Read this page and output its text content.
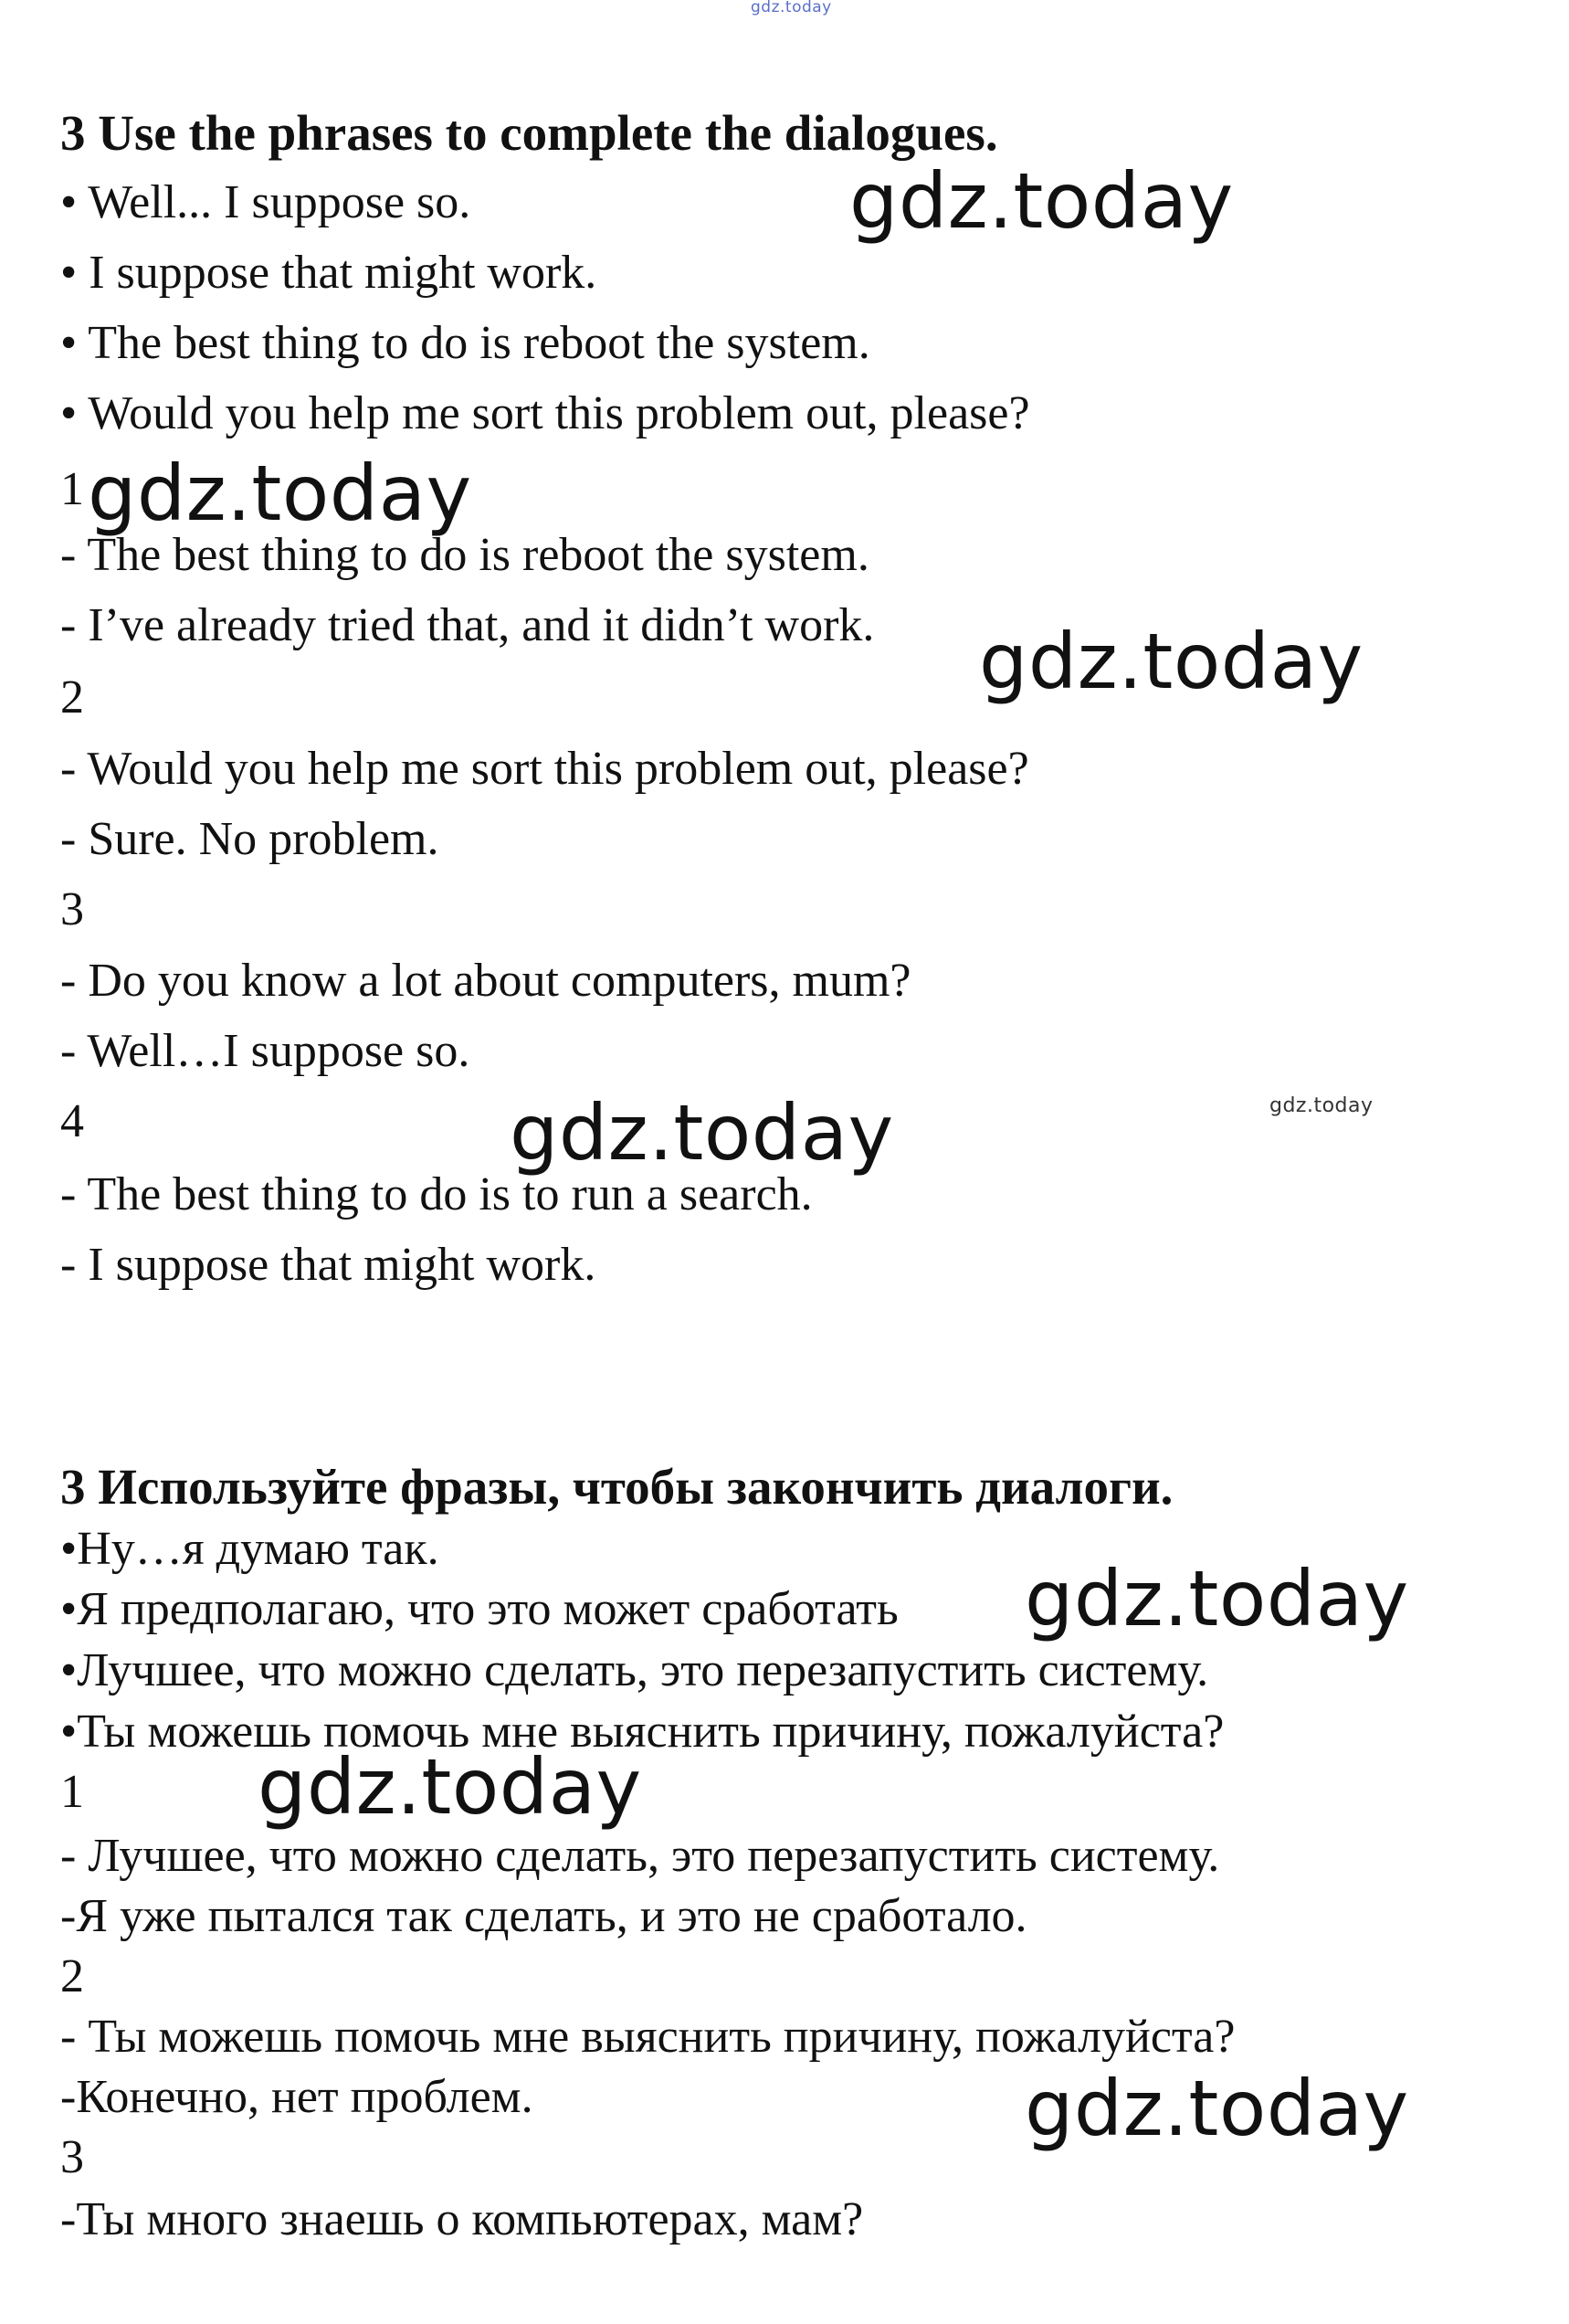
gdz.today
gdz.today
gdz.today
gdz.today
gdz.today	gdz.today
gdz.today
gdz.today
gdz.today

3 Use the phrases to complete the dialogues.

• Well... I suppose so.

• I suppose that might work.

• The best thing to do is reboot the system.

• Would you help me sort this problem out, please?

1

- The best thing to do is reboot the system.

- I’ve already tried that, and it didn’t work.

2

- Would you help me sort this problem out, please?

- Sure. No problem.

3

- Do you know a lot about computers, mum?

- Well…I suppose so.

4

- The best thing to do is to run a search.

- I suppose that might work.

3 Используйте фразы, чтобы закончить диалоги.

•Ну…я думаю так.

•Я предполагаю, что это может сработать

•Лучшее, что можно сделать, это перезапустить систему.

•Ты можешь помочь мне выяснить причину, пожалуйста?

1

- Лучшее, что можно сделать, это перезапустить систему.

-Я уже пытался так сделать, и это не сработало.

2

- Ты можешь помочь мне выяснить причину, пожалуйста?

-Конечно, нет проблем.

3

-Ты много знаешь о компьютерах, мам?
